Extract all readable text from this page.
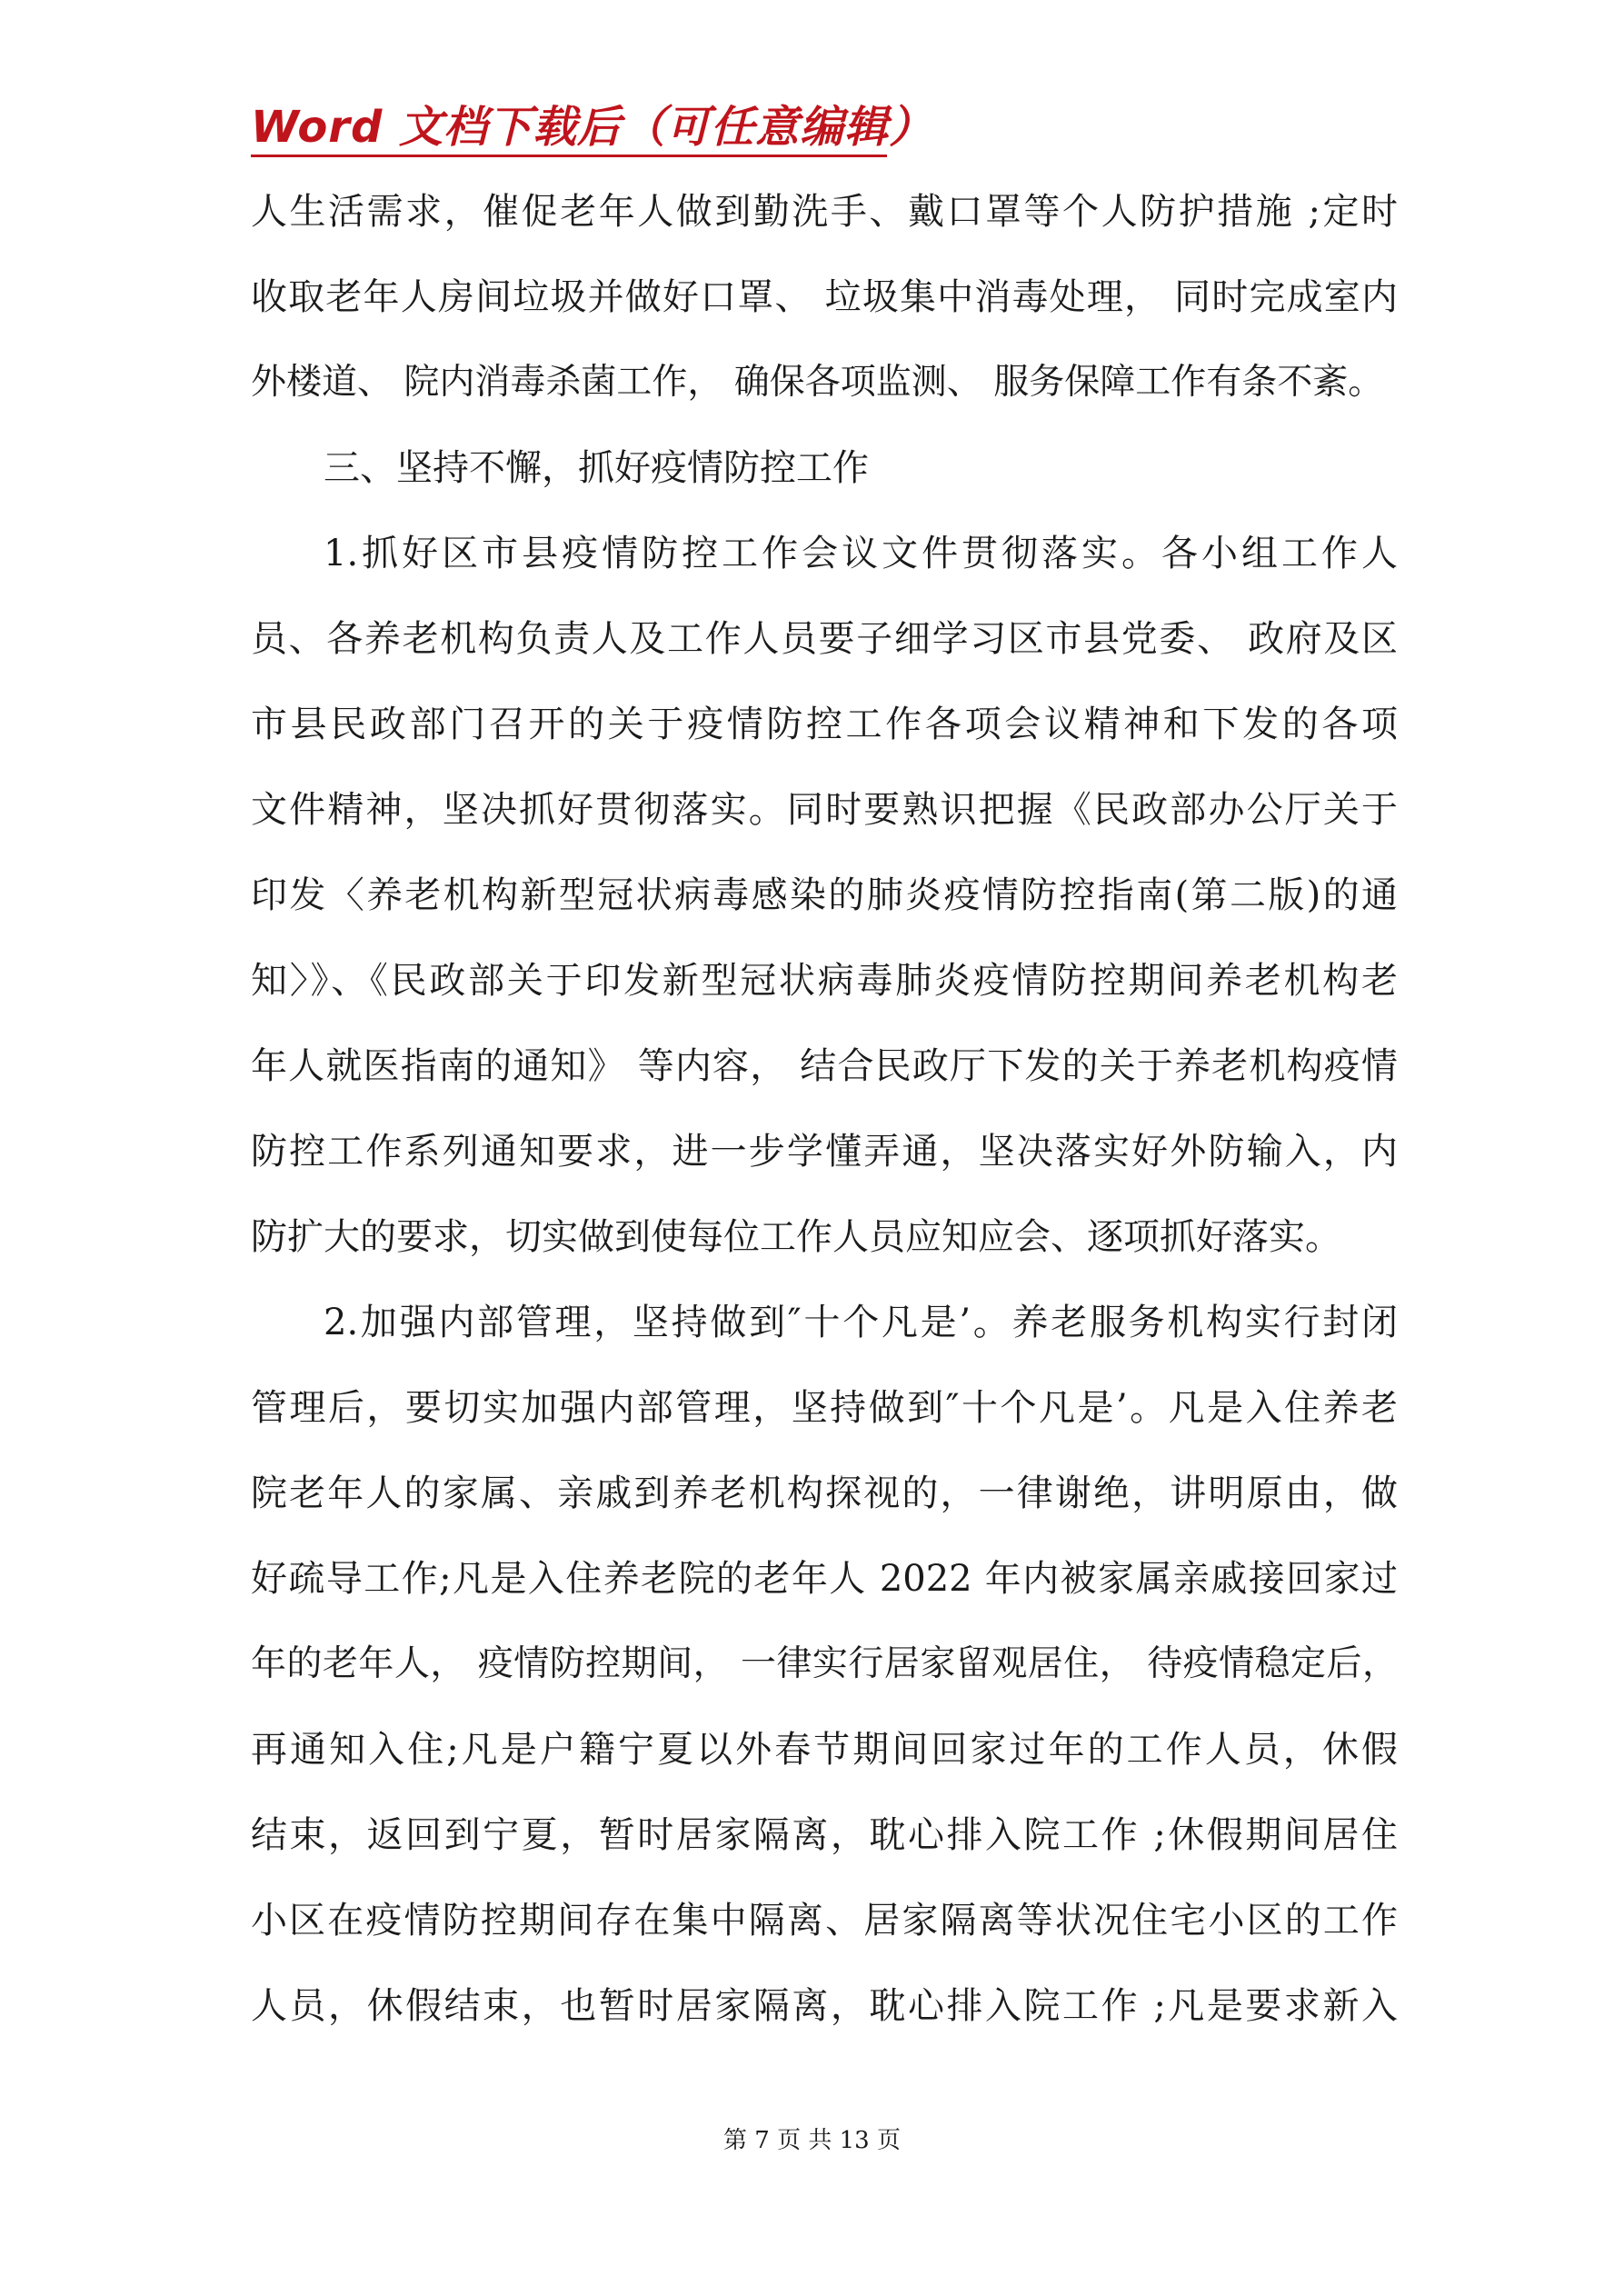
Word 文档下载后（可任意编辑）
人生活需求，催促老年人做到勤洗手、戴口罩等个人防护措施 ;定时
收取老年人房间垃圾并做好口罩、 垃圾集中消毒处理， 同时完成室内
外楼道、 院内消毒杀菌工作， 确保各项监测、 服务保障工作有条不紊。
三、坚持不懈，抓好疫情防控工作
1.抓好区市县疫情防控工作会议文件贯彻落实。各小组工作人
员、各养老机构负责人及工作人员要子细学习区市县党委、 政府及区
市县民政部门召开的关于疫情防控工作各项会议精神和下发的各项
文件精神，坚决抓好贯彻落实。同时要熟识把握《民政部办公厅关于
印发〈养老机构新型冠状病毒感染的肺炎疫情防控指南(第二版)的通
知〉》、《民政部关于印发新型冠状病毒肺炎疫情防控期间养老机构老
年人就医指南的通知》 等内容， 结合民政厅下发的关于养老机构疫情
防控工作系列通知要求，进一步学懂弄通，坚决落实好外防输入，内
防扩大的要求，切实做到使每位工作人员应知应会、逐项抓好落实。
2.加强内部管理，坚持做到″十个凡是’。养老服务机构实行封闭
管理后，要切实加强内部管理，坚持做到″十个凡是’。凡是入住养老
院老年人的家属、亲戚到养老机构探视的，一律谢绝，讲明原由，做
好疏导工作;凡是入住养老院的老年人 2022 年内被家属亲戚接回家过
年的老年人， 疫情防控期间， 一律实行居家留观居住， 待疫情稳定后，
再通知入住;凡是户籍宁夏以外春节期间回家过年的工作人员，休假
结束，返回到宁夏，暂时居家隔离，耽心排入院工作 ;休假期间居住
小区在疫情防控期间存在集中隔离、居家隔离等状况住宅小区的工作
人员，休假结束，也暂时居家隔离，耽心排入院工作 ;凡是要求新入
第 7 页 共 13 页
